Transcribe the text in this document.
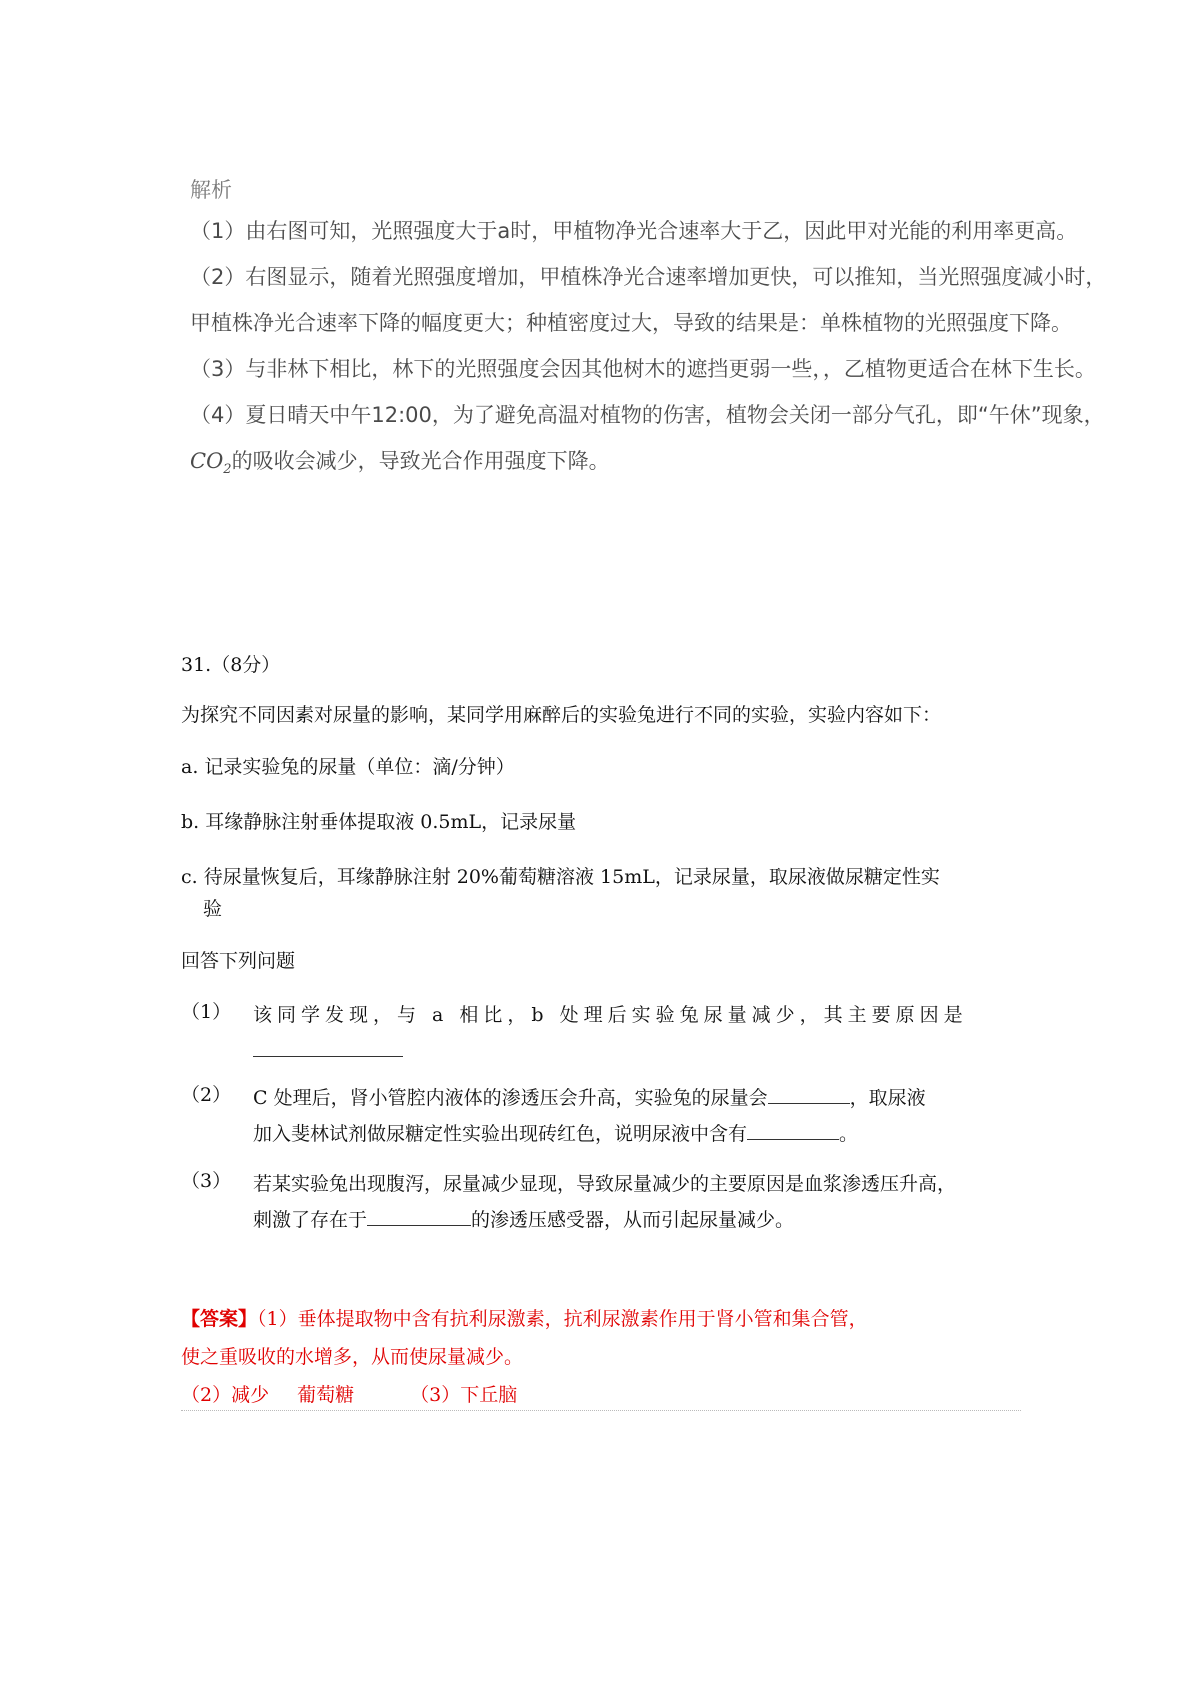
解析

（1）由右图可知，光照强度大于a时，甲植物净光合速率大于乙，因此甲对光能的利用率更高。

（2）右图显示，随着光照强度增加，甲植株净光合速率增加更快，可以推知，当光照强度减小时，甲植株净光合速率下降的幅度更大；种植密度过大，导致的结果是：单株植物的光照强度下降。

（3）与非林下相比，林下的光照强度会因其他树木的遮挡更弱一些，，乙植物更适合在林下生长。

（4）夏日晴天中午12:00，为了避免高温对植物的伤害，植物会关闭一部分气孔，即“午休”现象，$CO_2$的吸收会减少，导致光合作用强度下降。

31.（8分）
为探究不同因素对尿量的影响，某同学用麻醉后的实验兔进行不同的实验，实验内容如下：
a. 记录实验兔的尿量（单位：滴/分钟）
b. 耳缘静脉注射垂体提取液 0.5mL，记录尿量
c. 待尿量恢复后，耳缘静脉注射 20%葡萄糖溶液 15mL，记录尿量，取尿液做尿糖定性实
验
回答下列问题
（1） 该同学发现，与 a 相比，b 处理后实验兔尿量减少，其主要原因是

（2） C 处理后，肾小管腔内液体的渗透压会升高，实验兔的尿量会	，取尿液
加入斐林试剂做尿糖定性实验出现砖红色，说明尿液中含有	。
（3） 若某实验兔出现腹泻，尿量减少显现，导致尿量减少的主要原因是血浆渗透压升高，
刺激了存在于	的渗透压感受器，从而引起尿量减少。

【答案】（1）垂体提取物中含有抗利尿激素，抗利尿激素作用于肾小管和集合管，

使之重吸收的水增多，从而使尿量减少。

（2）减少 葡萄糖	（3）下丘脑
